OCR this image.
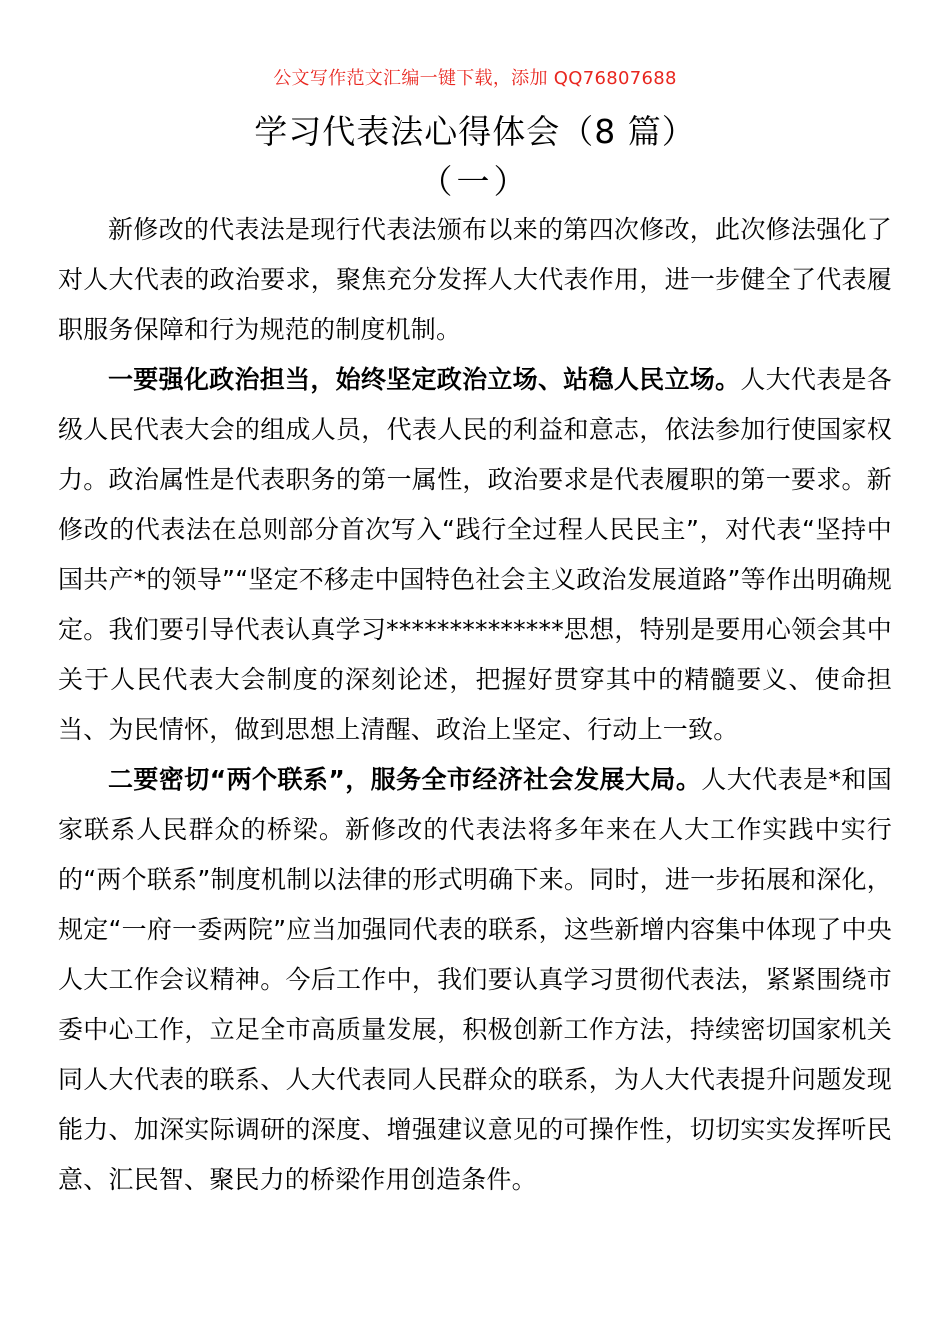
公文写作范文汇编一键下载，添加 QQ76807688
学习代表法心得体会（8 篇）
（一）

新修改的代表法是现行代表法颁布以来的第四次修改，此次修法强化了对人大代表的政治要求，聚焦充分发挥人大代表作用，进一步健全了代表履职服务保障和行为规范的制度机制。

一要强化政治担当，始终坚定政治立场、站稳人民立场。人大代表是各级人民代表大会的组成人员，代表人民的利益和意志，依法参加行使国家权力。政治属性是代表职务的第一属性，政治要求是代表履职的第一要求。新修改的代表法在总则部分首次写入“践行全过程人民民主”，对代表“坚持中国共产*的领导”“坚定不移走中国特色社会主义政治发展道路”等作出明确规定。我们要引导代表认真学习**************思想，特别是要用心领会其中关于人民代表大会制度的深刻论述，把握好贯穿其中的精髓要义、使命担当、为民情怀，做到思想上清醒、政治上坚定、行动上一致。

二要密切“两个联系”，服务全市经济社会发展大局。人大代表是*和国家联系人民群众的桥梁。新修改的代表法将多年来在人大工作实践中实行的“两个联系”制度机制以法律的形式明确下来。同时，进一步拓展和深化，规定“一府一委两院”应当加强同代表的联系，这些新增内容集中体现了中央人大工作会议精神。今后工作中，我们要认真学习贯彻代表法，紧紧围绕市委中心工作，立足全市高质量发展，积极创新工作方法，持续密切国家机关同人大代表的联系、人大代表同人民群众的联系，为人大代表提升问题发现能力、加深实际调研的深度、增强建议意见的可操作性，切切实实发挥听民意、汇民智、聚民力的桥梁作用创造条件。
